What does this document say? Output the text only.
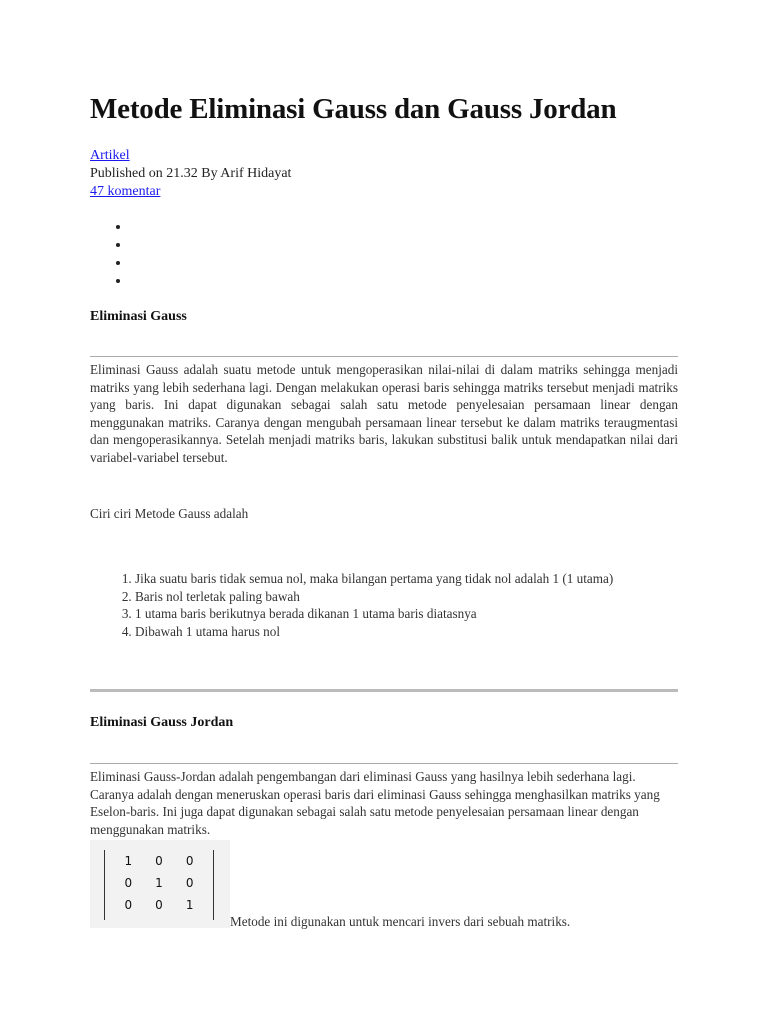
Metode Eliminasi Gauss dan Gauss Jordan
Artikel
Published on 21.32 By Arif Hidayat
47 komentar
Eliminasi Gauss

Eliminasi Gauss adalah suatu metode untuk mengoperasikan nilai-nilai di dalam matriks sehingga menjadi matriks yang lebih sederhana lagi. Dengan melakukan operasi baris sehingga matriks tersebut menjadi matriks yang baris. Ini dapat digunakan sebagai salah satu metode penyelesaian persamaan linear dengan menggunakan matriks. Caranya dengan mengubah persamaan linear tersebut ke dalam matriks teraugmentasi dan mengoperasikannya. Setelah menjadi matriks baris, lakukan substitusi balik untuk mendapatkan nilai dari variabel-variabel tersebut.

Ciri ciri Metode Gauss adalah

1. Jika suatu baris tidak semua nol, maka bilangan pertama yang tidak nol adalah 1 (1 utama)
2. Baris nol terletak paling bawah
3. 1 utama baris berikutnya berada dikanan 1 utama baris diatasnya
4. Dibawah 1 utama harus nol
Eliminasi Gauss Jordan

Eliminasi Gauss-Jordan adalah pengembangan dari eliminasi Gauss yang hasilnya lebih sederhana lagi. Caranya adalah dengan meneruskan operasi baris dari eliminasi Gauss sehingga menghasilkan matriks yang Eselon-baris. Ini juga dapat digunakan sebagai salah satu metode penyelesaian persamaan linear dengan menggunakan matriks.

1	0	0
0	1	0
0	0	1
Metode ini digunakan untuk mencari invers dari sebuah matriks.
